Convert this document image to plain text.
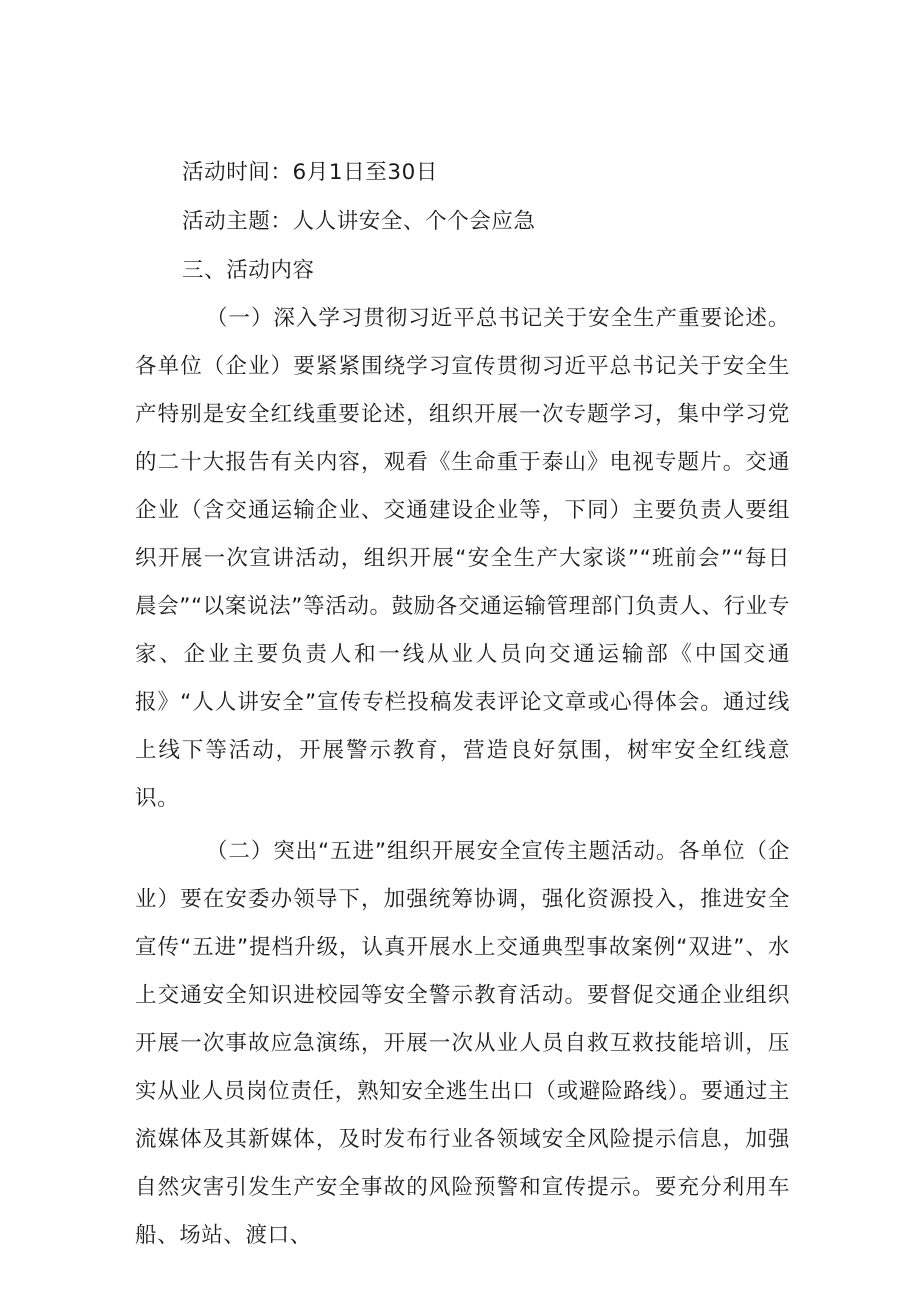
活动时间：6月1日至30日
活动主题：人人讲安全、个个会应急
三、活动内容

（一）深入学习贯彻习近平总书记关于安全生产重要论述。各单位（企业）要紧紧围绕学习宣传贯彻习近平总书记关于安全生产特别是安全红线重要论述，组织开展一次专题学习，集中学习党的二十大报告有关内容，观看《生命重于泰山》电视专题片。交通企业（含交通运输企业、交通建设企业等，下同）主要负责人要组织开展一次宣讲活动，组织开展“安全生产大家谈”“班前会”“每日晨会”“以案说法”等活动。鼓励各交通运输管理部门负责人、行业专家、企业主要负责人和一线从业人员向交通运输部《中国交通报》“人人讲安全”宣传专栏投稿发表评论文章或心得体会。通过线上线下等活动，开展警示教育，营造良好氛围，树牢安全红线意识。

（二）突出“五进”组织开展安全宣传主题活动。各单位（企业）要在安委办领导下，加强统筹协调，强化资源投入，推进安全宣传“五进”提档升级，认真开展水上交通典型事故案例“双进”、水上交通安全知识进校园等安全警示教育活动。要督促交通企业组织开展一次事故应急演练，开展一次从业人员自救互救技能培训，压实从业人员岗位责任，熟知安全逃生出口（或避险路线）。要通过主流媒体及其新媒体，及时发布行业各领域安全风险提示信息，加强自然灾害引发生产安全事故的风险预警和宣传提示。要充分利用车船、场站、渡口、
